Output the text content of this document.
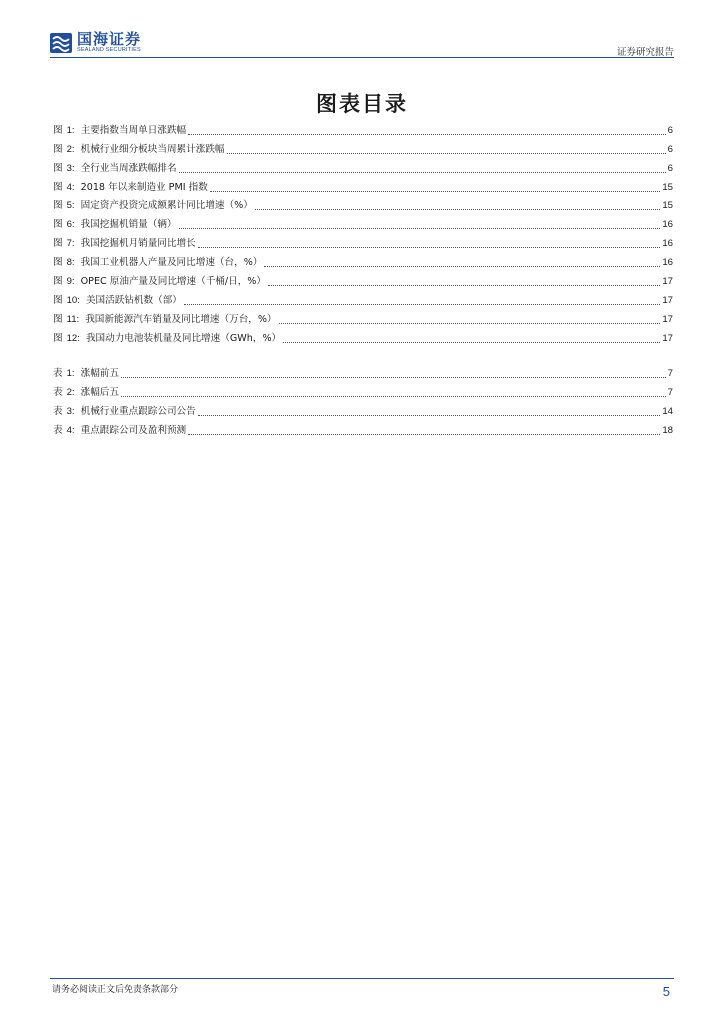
国海证券
SEALAND SECURITIES	证券研究报告
图表目录
图 1: 主要指数当周单日涨跌幅	6
图 2: 机械行业细分板块当周累计涨跌幅	6
图 3: 全行业当周涨跌幅排名	6
图 4: 2018 年以来制造业 PMI 指数	15
图 5: 固定资产投资完成额累计同比增速（%）	15
图 6: 我国挖掘机销量（辆）	16
图 7: 我国挖掘机月销量同比增长	16
图 8: 我国工业机器人产量及同比增速（台，%）	16
图 9: OPEC 原油产量及同比增速（千桶/日，%）	17
图 10: 美国活跃钻机数（部）	17
图 11: 我国新能源汽车销量及同比增速（万台，%）	17
图 12: 我国动力电池装机量及同比增速（GWh，%）	17
表 1: 涨幅前五	7
表 2: 涨幅后五	7
表 3: 机械行业重点跟踪公司公告	14
表 4: 重点跟踪公司及盈利预测	18
请务必阅读正文后免责条款部分	5
